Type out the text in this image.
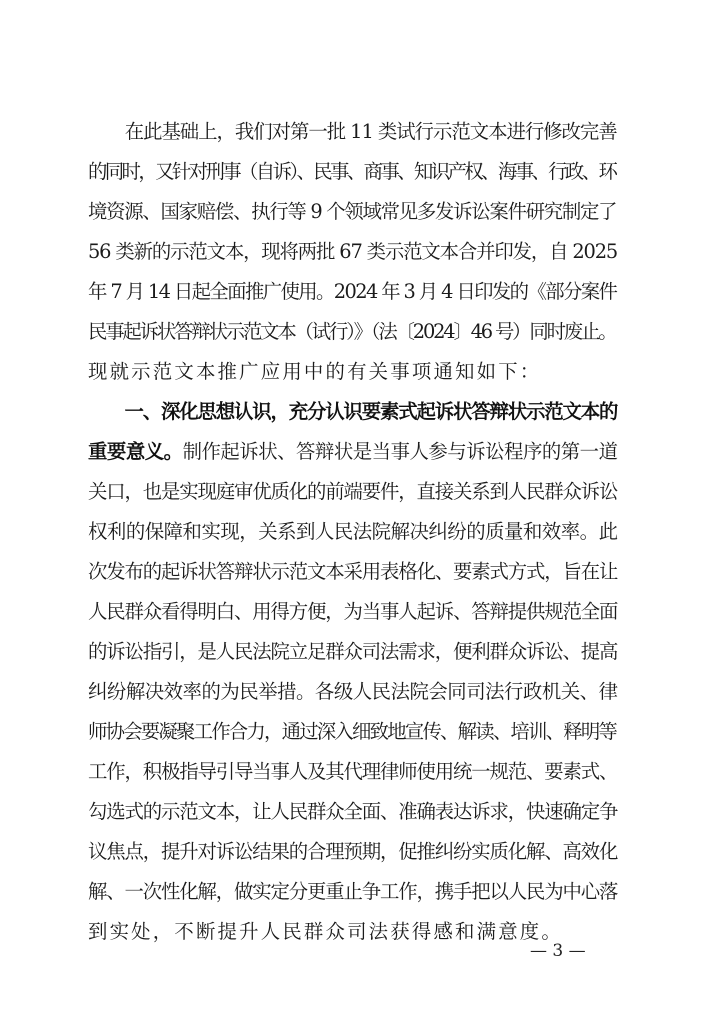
　　在此基础上，我们对第一批 11 类试行示范文本进行修改完善
的同时，又针对刑事（自诉）、民事、商事、知识产权、海事、行政、环
境资源、国家赔偿、执行等 9 个领域常见多发诉讼案件研究制定了
56 类新的示范文本，现将两批 67 类示范文本合并印发，自 2025
年 7 月 14 日起全面推广使用。2024 年 3 月 4 日印发的《部分案件
民事起诉状答辩状示范文本（试行）》（法〔2024〕46 号）同时废止。
现就示范文本推广应用中的有关事项通知如下：
　　一、深化思想认识，充分认识要素式起诉状答辩状示范文本的
重要意义。制作起诉状、答辩状是当事人参与诉讼程序的第一道
关口，也是实现庭审优质化的前端要件，直接关系到人民群众诉讼
权利的保障和实现，关系到人民法院解决纠纷的质量和效率。此
次发布的起诉状答辩状示范文本采用表格化、要素式方式，旨在让
人民群众看得明白、用得方便，为当事人起诉、答辩提供规范全面
的诉讼指引，是人民法院立足群众司法需求，便利群众诉讼、提高
纠纷解决效率的为民举措。各级人民法院会同司法行政机关、律
师协会要凝聚工作合力，通过深入细致地宣传、解读、培训、释明等
工作，积极指导引导当事人及其代理律师使用统一规范、要素式、
勾选式的示范文本，让人民群众全面、准确表达诉求，快速确定争
议焦点，提升对诉讼结果的合理预期，促推纠纷实质化解、高效化
解、一次性化解，做实定分更重止争工作，携手把以人民为中心落
到实处，不断提升人民群众司法获得感和满意度。
— 3 —
